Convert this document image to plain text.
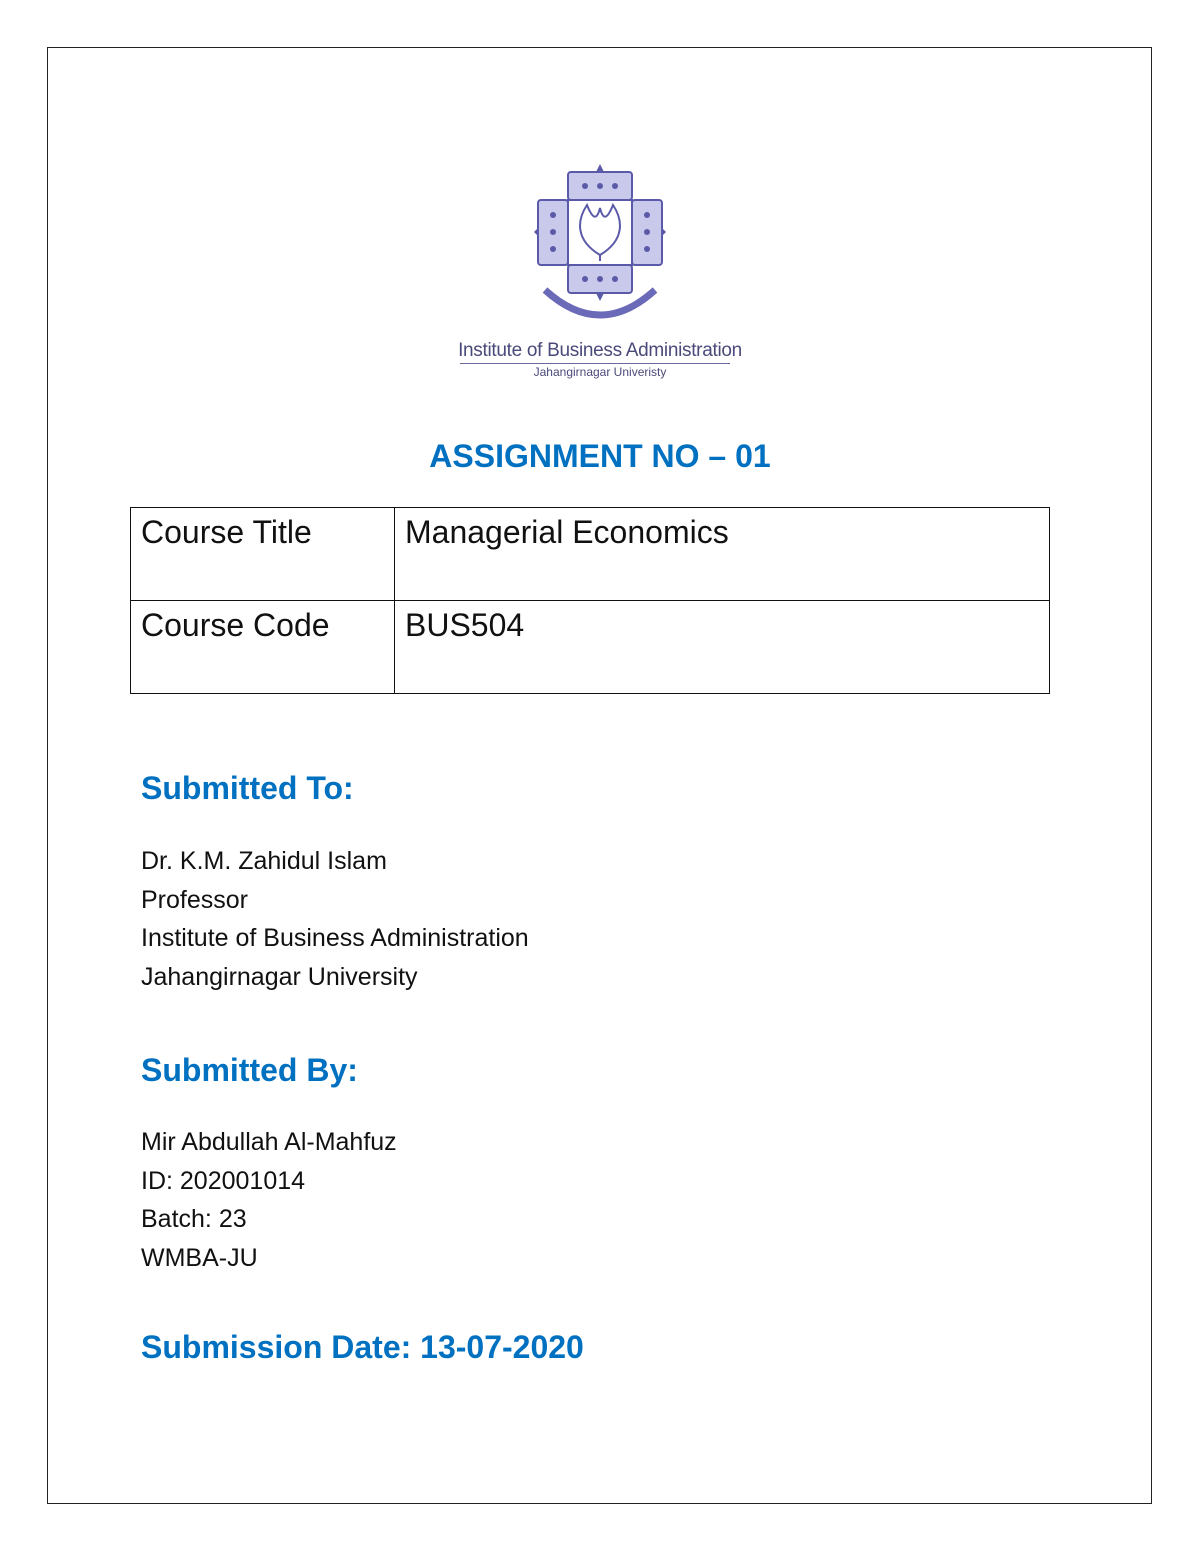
Institute of Business Administration
Jahangirnagar Univeristy
ASSIGNMENT NO – 01
Course Title	Managerial Economics
Course Code	BUS504
Submitted To:
Dr. K.M. Zahidul Islam
Professor
Institute of Business Administration
Jahangirnagar University
Submitted By:
Mir Abdullah Al-Mahfuz
ID: 202001014
Batch: 23
WMBA-JU
Submission Date: 13-07-2020
